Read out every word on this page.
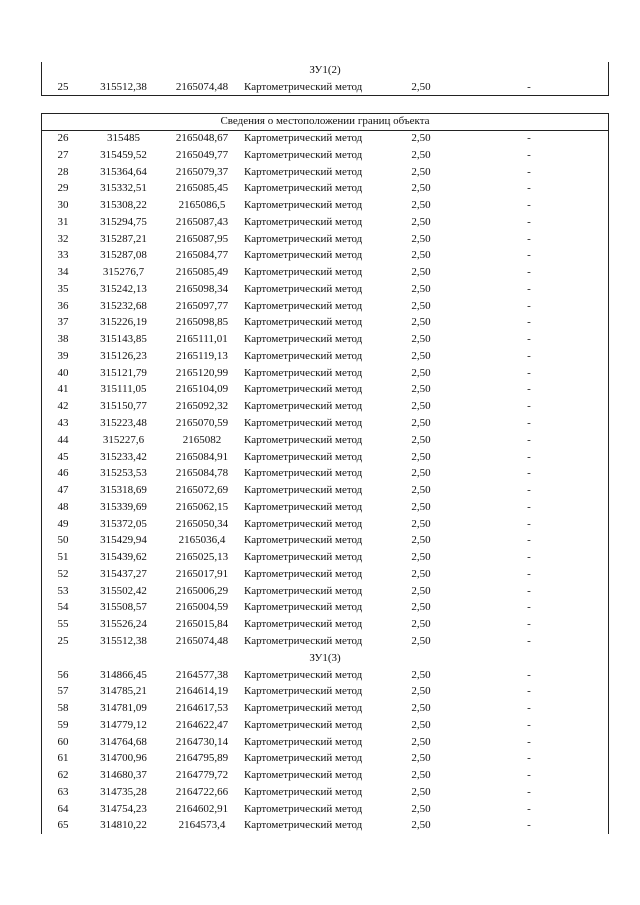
ЗУ1(2)
25	315512,38	2165074,48	Картометрический метод	2,50	-
Сведения о местоположении границ объекта
26	315485	2165048,67	Картометрический метод	2,50	-
27	315459,52	2165049,77	Картометрический метод	2,50	-
28	315364,64	2165079,37	Картометрический метод	2,50	-
29	315332,51	2165085,45	Картометрический метод	2,50	-
30	315308,22	2165086,5	Картометрический метод	2,50	-
31	315294,75	2165087,43	Картометрический метод	2,50	-
32	315287,21	2165087,95	Картометрический метод	2,50	-
33	315287,08	2165084,77	Картометрический метод	2,50	-
34	315276,7	2165085,49	Картометрический метод	2,50	-
35	315242,13	2165098,34	Картометрический метод	2,50	-
36	315232,68	2165097,77	Картометрический метод	2,50	-
37	315226,19	2165098,85	Картометрический метод	2,50	-
38	315143,85	2165111,01	Картометрический метод	2,50	-
39	315126,23	2165119,13	Картометрический метод	2,50	-
40	315121,79	2165120,99	Картометрический метод	2,50	-
41	315111,05	2165104,09	Картометрический метод	2,50	-
42	315150,77	2165092,32	Картометрический метод	2,50	-
43	315223,48	2165070,59	Картометрический метод	2,50	-
44	315227,6	2165082	Картометрический метод	2,50	-
45	315233,42	2165084,91	Картометрический метод	2,50	-
46	315253,53	2165084,78	Картометрический метод	2,50	-
47	315318,69	2165072,69	Картометрический метод	2,50	-
48	315339,69	2165062,15	Картометрический метод	2,50	-
49	315372,05	2165050,34	Картометрический метод	2,50	-
50	315429,94	2165036,4	Картометрический метод	2,50	-
51	315439,62	2165025,13	Картометрический метод	2,50	-
52	315437,27	2165017,91	Картометрический метод	2,50	-
53	315502,42	2165006,29	Картометрический метод	2,50	-
54	315508,57	2165004,59	Картометрический метод	2,50	-
55	315526,24	2165015,84	Картометрический метод	2,50	-
25	315512,38	2165074,48	Картометрический метод	2,50	-
ЗУ1(3)
56	314866,45	2164577,38	Картометрический метод	2,50	-
57	314785,21	2164614,19	Картометрический метод	2,50	-
58	314781,09	2164617,53	Картометрический метод	2,50	-
59	314779,12	2164622,47	Картометрический метод	2,50	-
60	314764,68	2164730,14	Картометрический метод	2,50	-
61	314700,96	2164795,89	Картометрический метод	2,50	-
62	314680,37	2164779,72	Картометрический метод	2,50	-
63	314735,28	2164722,66	Картометрический метод	2,50	-
64	314754,23	2164602,91	Картометрический метод	2,50	-
65	314810,22	2164573,4	Картометрический метод	2,50	-
